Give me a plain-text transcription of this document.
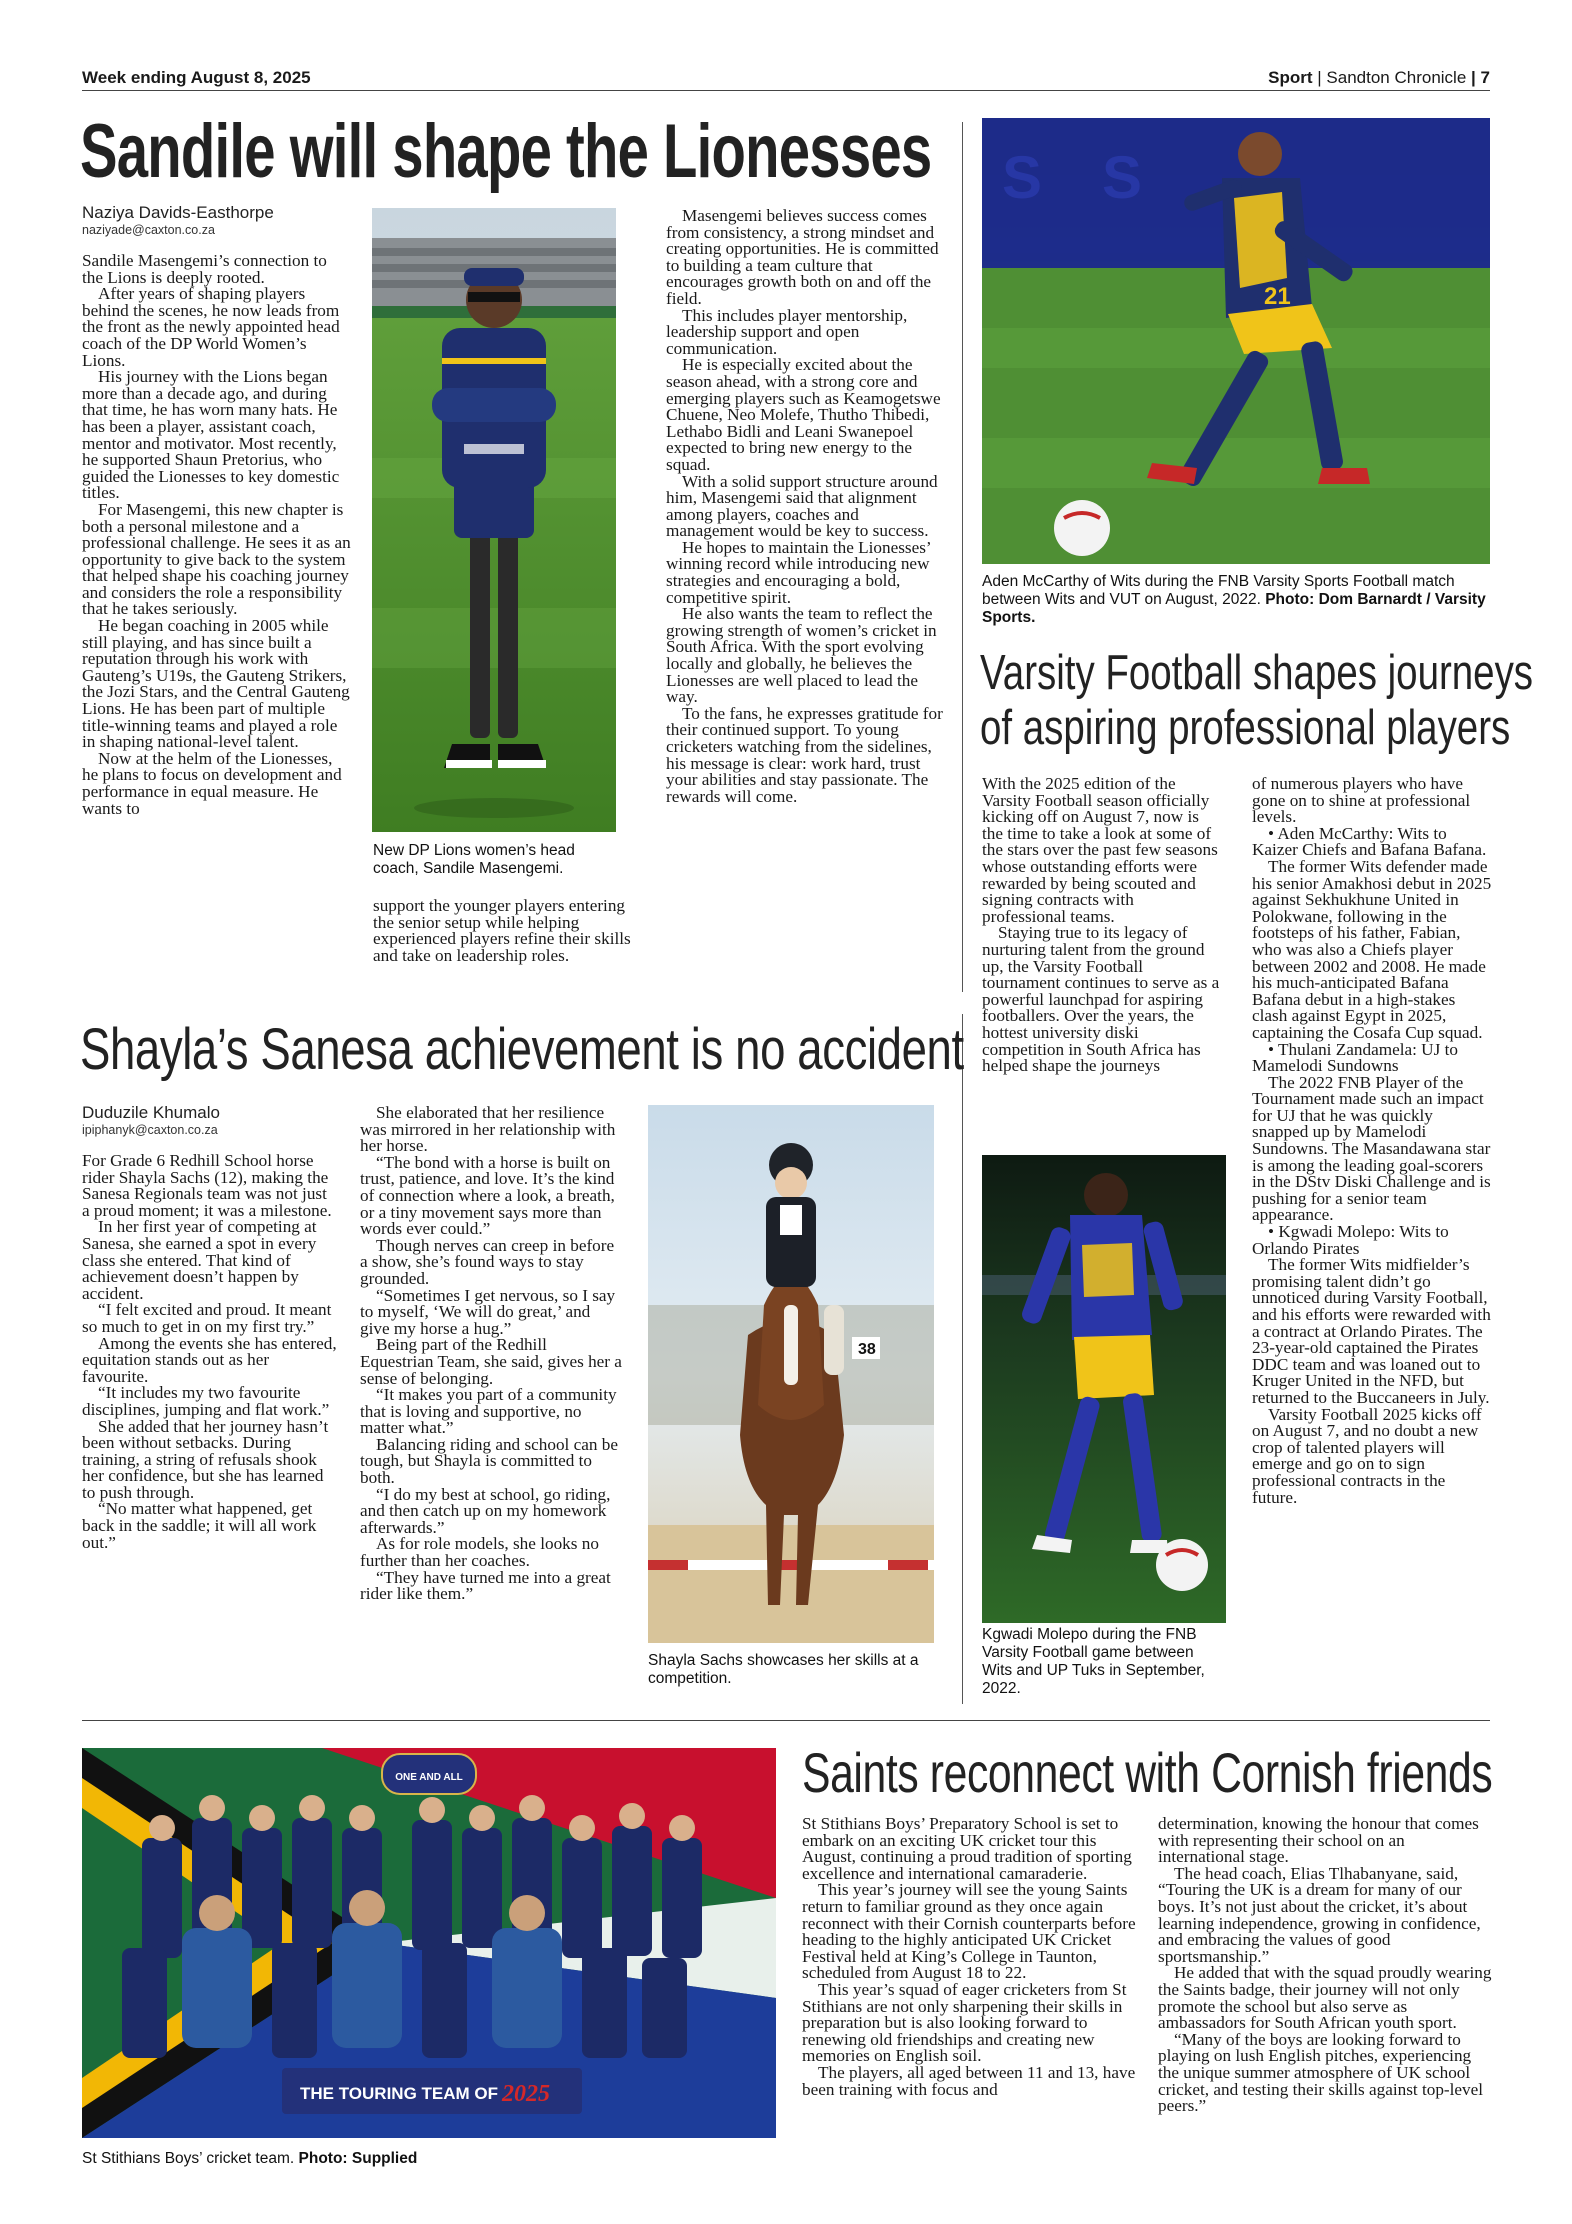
Week ending August 8, 2025	Sport | Sandton Chronicle | 7
Sandile will shape the Lionesses
Naziya Davids-Easthorpe
naziyade@caxton.co.za

Sandile Masengemi’s connection to the Lions is deeply rooted.

After years of shaping players behind the scenes, he now leads from the front as the newly appointed head coach of the DP World Women’s Lions.

His journey with the Lions began more than a decade ago, and during that time, he has worn many hats. He has been a player, assistant coach, mentor and motivator. Most recently, he supported Shaun Pretorius, who guided the Lionesses to key domestic titles.

For Masengemi, this new chapter is both a personal milestone and a professional challenge. He sees it as an opportunity to give back to the system that helped shape his coaching journey and considers the role a responsibility that he takes seriously.

He began coaching in 2005 while still playing, and has since built a reputation through his work with Gauteng’s U19s, the Gauteng Strikers, the Jozi Stars, and the Central Gauteng Lions. He has been part of multiple title-winning teams and played a role in shaping national-level talent.

Now at the helm of the Lionesses, he plans to focus on development and performance in equal measure. He wants to

New DP Lions women’s head coach, Sandile Masengemi.

support the younger players entering the senior setup while helping experienced players refine their skills and take on leadership roles.

Masengemi believes success comes from consistency, a strong mindset and creating opportunities. He is committed to building a team culture that encourages growth both on and off the field.

This includes player mentorship, leadership support and open communication.

He is especially excited about the season ahead, with a strong core and emerging players such as Keamogetswe Chuene, Neo Molefe, Thutho Thibedi, Lethabo Bidli and Leani Swanepoel expected to bring new energy to the squad.

With a solid support structure around him, Masengemi said that alignment among players, coaches and management would be key to success.

He hopes to maintain the Lionesses’ winning record while introducing new strategies and encouraging a bold, competitive spirit.

He also wants the team to reflect the growing strength of women’s cricket in South Africa. With the sport evolving locally and globally, he believes the Lionesses are well placed to lead the way.

To the fans, he expresses gratitude for their continued support. To young cricketers watching from the sidelines, his message is clear: work hard, trust your abilities and stay passionate. The rewards will come.

Shayla’s Sanesa achievement is no accident
Duduzile Khumalo
ipiphanyk@caxton.co.za

For Grade 6 Redhill School horse rider Shayla Sachs (12), making the Sanesa Regionals team was not just a proud moment; it was a milestone.

In her first year of competing at Sanesa, she earned a spot in every class she entered. That kind of achievement doesn’t happen by accident.

“I felt excited and proud. It meant so much to get in on my first try.”

Among the events she has entered, equitation stands out as her favourite.

“It includes my two favourite disciplines, jumping and flat work.”

She added that her journey hasn’t been without setbacks. During training, a string of refusals shook her confidence, but she has learned to push through.

“No matter what happened, get back in the saddle; it will all work out.”

She elaborated that her resilience was mirrored in her relationship with her horse.

“The bond with a horse is built on trust, patience, and love. It’s the kind of connection where a look, a breath, or a tiny movement says more than words ever could.”

Though nerves can creep in before a show, she’s found ways to stay grounded.

“Sometimes I get nervous, so I say to myself, ‘We will do great,’ and give my horse a hug.”

Being part of the Redhill Equestrian Team, she said, gives her a sense of belonging.

“It makes you part of a community that is loving and supportive, no matter what.”

Balancing riding and school can be tough, but Shayla is committed to both.

“I do my best at school, go riding, and then catch up on my homework afterwards.”

As for role models, she looks no further than her coaches.

“They have turned me into a great rider like them.”

38
Shayla Sachs showcases her skills at a competition.
S S
21
Aden McCarthy of Wits during the FNB Varsity Sports Football match between Wits and VUT on August, 2022. Photo: Dom Barnardt / Varsity Sports.
Varsity Football shapes journeys
of aspiring professional players

With the 2025 edition of the Varsity Football season officially kicking off on August 7, now is the time to take a look at some of the stars over the past few seasons whose outstanding efforts were rewarded by being scouted and signing contracts with professional teams.

Staying true to its legacy of nurturing talent from the ground up, the Varsity Football tournament continues to serve as a powerful launchpad for aspiring footballers. Over the years, the hottest university diski competition in South Africa has helped shape the journeys

Kgwadi Molepo during the FNB Varsity Football game between Wits and UP Tuks in September, 2022.

of numerous players who have gone on to shine at professional levels.

• Aden McCarthy: Wits to Kaizer Chiefs and Bafana Bafana.

The former Wits defender made his senior Amakhosi debut in 2025 against Sekhukhune United in Polokwane, following in the footsteps of his father, Fabian, who was also a Chiefs player between 2002 and 2008. He made his much-anticipated Bafana Bafana debut in a high-stakes clash against Egypt in 2025, captaining the Cosafa Cup squad.

• Thulani Zandamela: UJ to Mamelodi Sundowns

The 2022 FNB Player of the Tournament made such an impact for UJ that he was quickly snapped up by Mamelodi Sundowns. The Masandawana star is among the leading goal-scorers in the DStv Diski Challenge and is pushing for a senior team appearance.

• Kgwadi Molepo: Wits to Orlando Pirates

The former Wits midfielder’s promising talent didn’t go unnoticed during Varsity Football, and his efforts were rewarded with a contract at Orlando Pirates. The 23-year-old captained the Pirates DDC team and was loaned out to Kruger United in the NFD, but returned to the Buccaneers in July.

Varsity Football 2025 kicks off on August 7, and no doubt a new crop of talented players will emerge and go on to sign professional contracts in the future.

ONE AND ALL
THE TOURING TEAM OF 2025
St Stithians Boys’ cricket team. Photo: Supplied
Saints reconnect with Cornish friends

St Stithians Boys’ Preparatory School is set to embark on an exciting UK cricket tour this August, continuing a proud tradition of sporting excellence and international camaraderie.

This year’s journey will see the young Saints return to familiar ground as they once again reconnect with their Cornish counterparts before heading to the highly anticipated UK Cricket Festival held at King’s College in Taunton, scheduled from August 18 to 22.

This year’s squad of eager cricketers from St Stithians are not only sharpening their skills in preparation but is also looking forward to renewing old friendships and creating new memories on English soil.

The players, all aged between 11 and 13, have been training with focus and

determination, knowing the honour that comes with representing their school on an international stage.

The head coach, Elias Tlhabanyane, said, “Touring the UK is a dream for many of our boys. It’s not just about the cricket, it’s about learning independence, growing in confidence, and embracing the values of good sportsmanship.”

He added that with the squad proudly wearing the Saints badge, their journey will not only promote the school but also serve as ambassadors for South African youth sport.

“Many of the boys are looking forward to playing on lush English pitches, experiencing the unique summer atmosphere of UK school cricket, and testing their skills against top-level peers.”
